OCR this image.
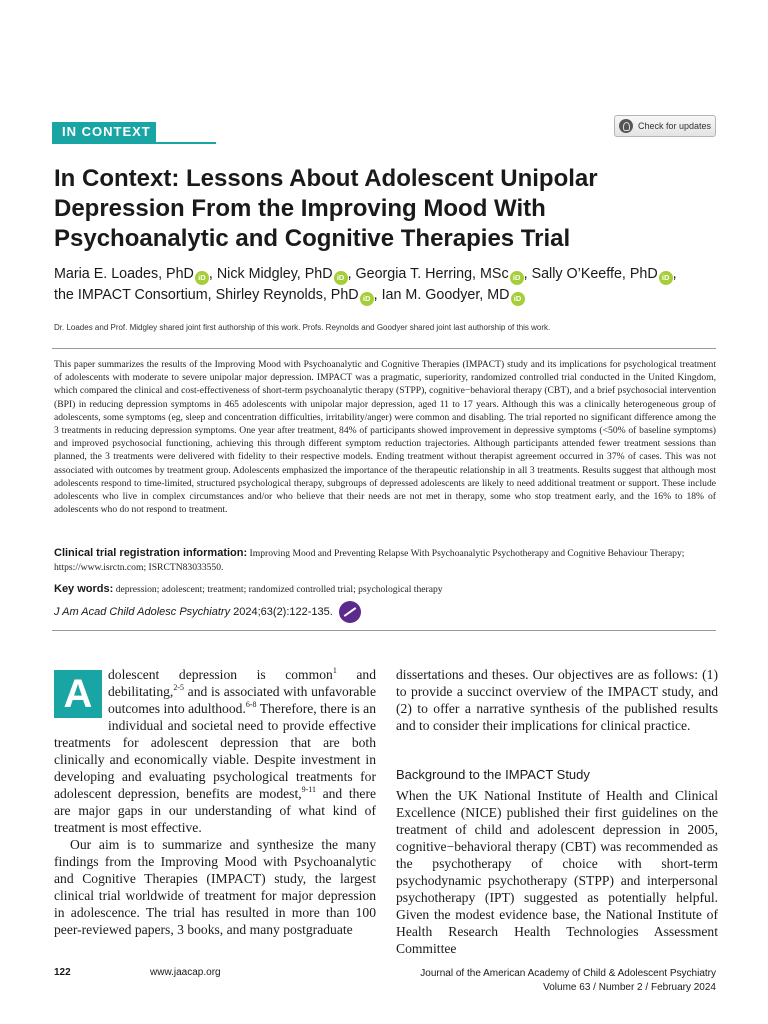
IN CONTEXT	Check for updates
In Context: Lessons About Adolescent Unipolar
Depression From the Improving Mood With
Psychoanalytic and Cognitive Therapies Trial
Maria E. Loades, PhD iD , Nick Midgley, PhD iD , Georgia T. Herring, MSc iD , Sally O’Keeffe, PhD iD ,
the IMPACT Consortium, Shirley Reynolds, PhD iD , Ian M. Goodyer, MD iD
Dr. Loades and Prof. Midgley shared joint first authorship of this work. Profs. Reynolds and Goodyer shared joint last authorship of this work.
This paper summarizes the results of the Improving Mood with Psychoanalytic and Cognitive Therapies (IMPACT) study and its implications for psychological treatment of adolescents with moderate to severe unipolar major depression. IMPACT was a pragmatic, superiority, randomized controlled trial conducted in the United Kingdom, which compared the clinical and cost-effectiveness of short-term psychoanalytic therapy (STPP), cognitive−behavioral therapy (CBT), and a brief psychosocial intervention (BPI) in reducing depression symptoms in 465 adolescents with unipolar major depression, aged 11 to 17 years. Although this was a clinically heterogeneous group of adolescents, some symptoms (eg, sleep and concentration difficulties, irritability/anger) were common and disabling. The trial reported no significant difference among the 3 treatments in reducing depression symptoms. One year after treatment, 84% of participants showed improvement in depressive symptoms (<50% of baseline symptoms) and improved psychosocial functioning, achieving this through different symptom reduction trajectories. Although participants attended fewer treatment sessions than planned, the 3 treatments were delivered with fidelity to their respective models. Ending treatment without therapist agreement occurred in 37% of cases. This was not associated with outcomes by treatment group. Adolescents emphasized the importance of the therapeutic relationship in all 3 treatments. Results suggest that although most adolescents respond to time-limited, structured psychological therapy, subgroups of depressed adolescents are likely to need additional treatment or support. These include adolescents who live in complex circumstances and/or who believe that their needs are not met in therapy, some who stop treatment early, and the 16% to 18% of adolescents who do not respond to treatment.
Clinical trial registration information: Improving Mood and Preventing Relapse With Psychoanalytic Psychotherapy and Cognitive Behaviour Therapy; https://www.isrctn.com; ISRCTN83033550.
Key words: depression; adolescent; treatment; randomized controlled trial; psychological therapy
J Am Acad Child Adolesc Psychiatry
2024;63(2):122-135.

A	dolescent depression is common$^1$ and debilitating,$^{2-5}$ and is associated with unfavorable outcomes into adulthood.$^{6-8}$ Therefore, there is an individual and societal need to provide effective treatments for adolescent depression that are both clinically and economically viable. Despite investment in developing and evaluating psychological treatments for adolescent depression, benefits are modest,$^{9-11}$ and there are major gaps in our understanding of what kind of treatment is most effective.

Our aim is to summarize and synthesize the many findings from the Improving Mood with Psychoanalytic and Cognitive Therapies (IMPACT) study, the largest clinical trial worldwide of treatment for major depression in adolescence. The trial has resulted in more than 100 peer-reviewed papers, 3 books, and many postgraduate

dissertations and theses. Our objectives are as follows: (1) to provide a succinct overview of the IMPACT study, and (2) to offer a narrative synthesis of the published results and to consider their implications for clinical practice.

Background to the IMPACT Study

When the UK National Institute of Health and Clinical Excellence (NICE) published their first guidelines on the treatment of child and adolescent depression in 2005, cognitive−behavioral therapy (CBT) was recommended as the psychotherapy of choice with short-term psychodynamic psychotherapy (STPP) and interpersonal psychotherapy (IPT) suggested as potentially helpful. Given the modest evidence base, the National Institute of Health Research Health Technologies Assessment Committee

122	www.jaacap.org	Journal of the American Academy of Child & Adolescent Psychiatry
Volume 63 / Number 2 / February 2024
